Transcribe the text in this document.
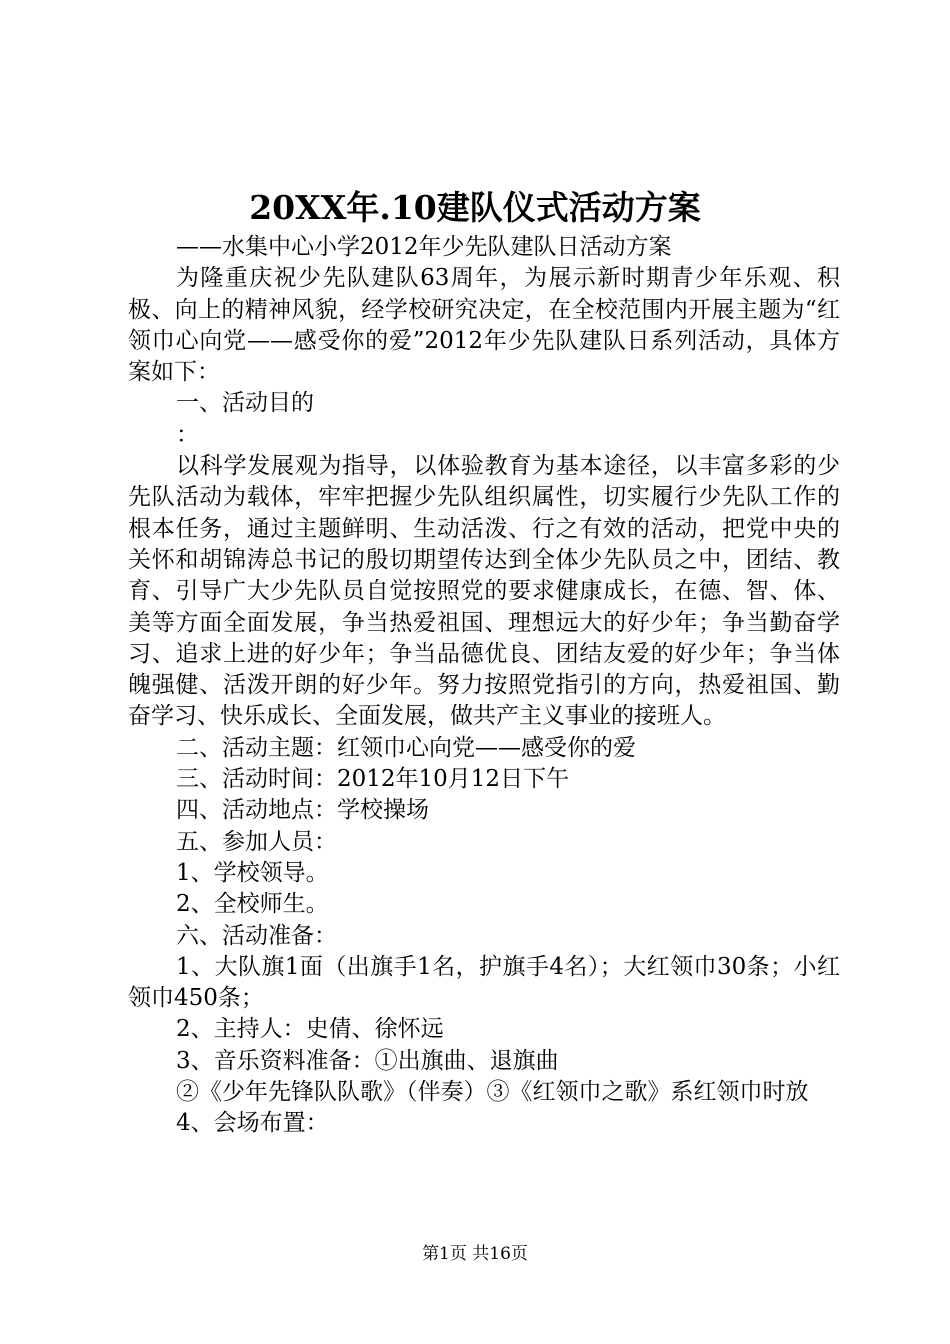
20XX年.10建队仪式活动方案

——水集中心小学2012年少先队建队日活动方案

为隆重庆祝少先队建队63周年，为展示新时期青少年乐观、积极、向上的精神风貌，经学校研究决定，在全校范围内开展主题为“红领巾心向党——感受你的爱”2012年少先队建队日系列活动，具体方案如下：

一、活动目的

：

以科学发展观为指导，以体验教育为基本途径，以丰富多彩的少先队活动为载体，牢牢把握少先队组织属性，切实履行少先队工作的根本任务，通过主题鲜明、生动活泼、行之有效的活动，把党中央的关怀和胡锦涛总书记的殷切期望传达到全体少先队员之中，团结、教育、引导广大少先队员自觉按照党的要求健康成长，在德、智、体、美等方面全面发展，争当热爱祖国、理想远大的好少年；争当勤奋学习、追求上进的好少年；争当品德优良、团结友爱的好少年；争当体魄强健、活泼开朗的好少年。努力按照党指引的方向，热爱祖国、勤奋学习、快乐成长、全面发展，做共产主义事业的接班人。

二、活动主题：红领巾心向党——感受你的爱

三、活动时间：2012年10月12日下午

四、活动地点：学校操场

五、参加人员：

1、学校领导。

2、全校师生。

六、活动准备：

1、大队旗1面（出旗手1名，护旗手4名）；大红领巾30条；小红领巾450条；

2、主持人：史倩、徐怀远

3、音乐资料准备：①出旗曲、退旗曲

②《少年先锋队队歌》（伴奏）③《红领巾之歌》系红领巾时放

4、会场布置：

第1页 共16页
